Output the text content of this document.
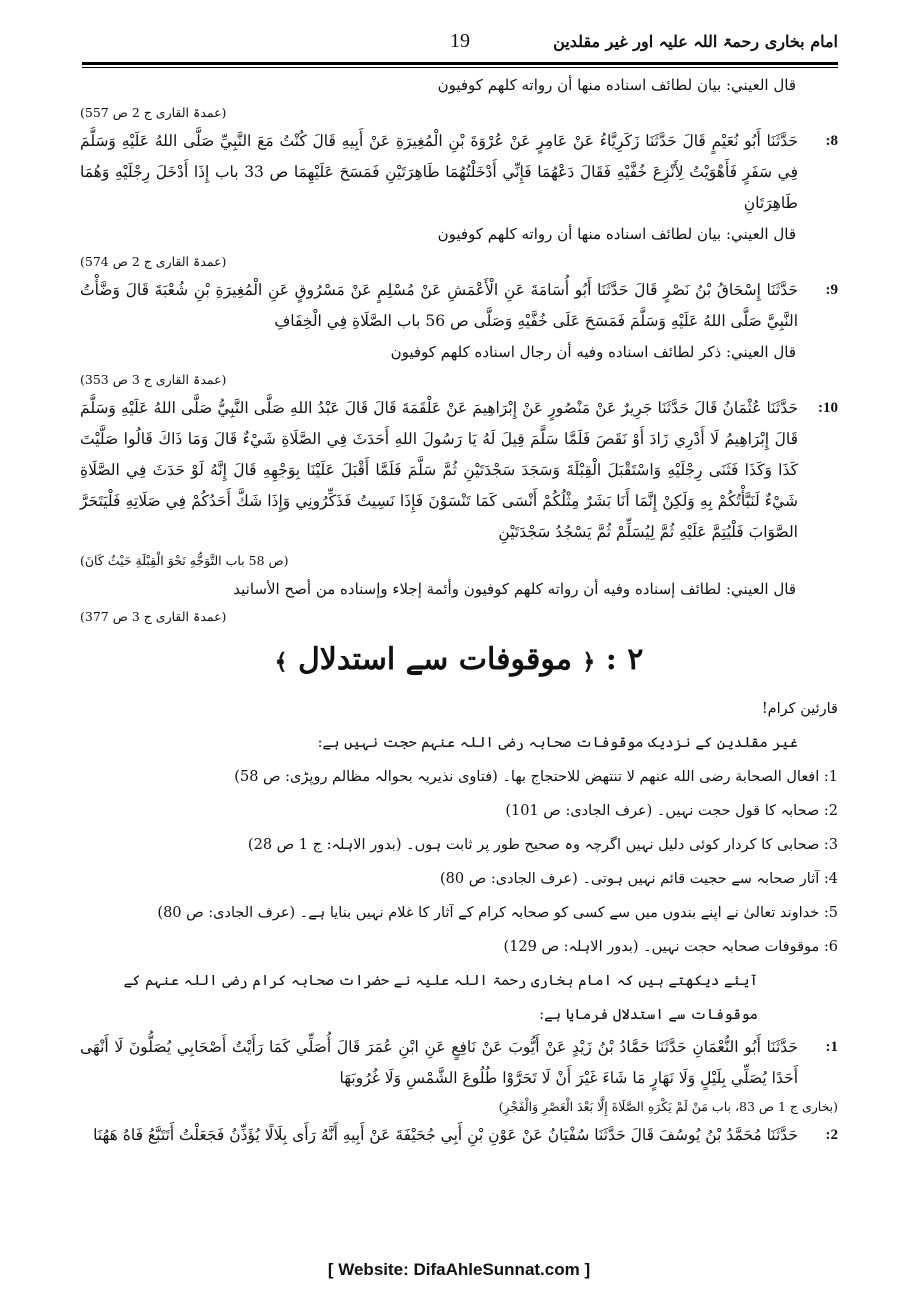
امام بخاری رحمۃ اللہ علیہ اور غیر مقلدین
19
قال العيني: بيان لطائف اسناده منها أن رواته كلهم كوفيون
(عمدۃ القاری ج 2 ص 557)
8:
حَدَّثَنَا أَبُو نُعَيْمٍ قَالَ حَدَّثَنَا زَكَرِيَّاءُ عَنْ عَامِرٍ عَنْ عُرْوَةَ بْنِ الْمُغِيرَةِ عَنْ أَبِيهِ قَالَ كُنْتُ مَعَ النَّبِيِّ صَلَّى اللهُ عَلَيْهِ وَسَلَّمَ فِي سَفَرٍ فَأَهْوَيْتُ لِأَنْزِعَ خُفَّيْهِ فَقَالَ دَعْهُمَا فَإِنِّي أَدْخَلْتُهُمَا طَاهِرَتَيْنِ فَمَسَحَ عَلَيْهِمَا ص 33 باب إِذَا أَدْخَلَ رِجْلَيْهِ وَهُمَا طَاهِرَتَانِ
قال العيني: بيان لطائف اسناده منها أن رواته كلهم كوفيون
(عمدۃ القاری ج 2 ص 574)
9:
حَدَّثَنَا إِسْحَاقُ بْنُ نَصْرٍ قَالَ حَدَّثَنَا أَبُو أُسَامَةَ عَنِ الْأَعْمَشِ عَنْ مُسْلِمٍ عَنْ مَسْرُوقٍ عَنِ الْمُغِيرَةِ بْنِ شُعْبَةَ قَالَ وَضَّأْتُ النَّبِيَّ صَلَّى اللهُ عَلَيْهِ وَسَلَّمَ فَمَسَحَ عَلَى خُفَّيْهِ وَصَلَّى ص 56 باب الصَّلَاةِ فِي الْخِفَافِ
قال العيني: ذكر لطائف اسناده وفيه أن رجال اسناده كلهم كوفيون
(عمدۃ القاری ج 3 ص 353)
10:
حَدَّثَنَا عُثْمَانُ قَالَ حَدَّثَنَا جَرِيرٌ عَنْ مَنْصُورٍ عَنْ إِبْرَاهِيمَ عَنْ عَلْقَمَةَ قَالَ قَالَ عَبْدُ اللهِ صَلَّى النَّبِيُّ صَلَّى اللهُ عَلَيْهِ وَسَلَّمَ قَالَ إِبْرَاهِيمُ لَا أَدْرِي زَادَ أَوْ نَقَصَ فَلَمَّا سَلَّمَ قِيلَ لَهُ يَا رَسُولَ اللهِ أَحَدَثَ فِي الصَّلَاةِ شَيْءٌ قَالَ وَمَا ذَاكَ قَالُوا صَلَّيْتَ كَذَا وَكَذَا فَثَنَى رِجْلَيْهِ وَاسْتَقْبَلَ الْقِبْلَةَ وَسَجَدَ سَجْدَتَيْنِ ثُمَّ سَلَّمَ فَلَمَّا أَقْبَلَ عَلَيْنَا بِوَجْهِهِ قَالَ إِنَّهُ لَوْ حَدَثَ فِي الصَّلَاةِ شَيْءٌ لَنَبَّأْتُكُمْ بِهِ وَلَكِنْ إِنَّمَا أَنَا بَشَرٌ مِثْلُكُمْ أَنْسَى كَمَا تَنْسَوْنَ فَإِذَا نَسِيتُ فَذَكِّرُونِي وَإِذَا شَكَّ أَحَدُكُمْ فِي صَلَاتِهِ فَلْيَتَحَرَّ الصَّوَابَ فَلْيُتِمَّ عَلَيْهِ ثُمَّ لِيُسَلِّمْ ثُمَّ يَسْجُدُ سَجْدَتَيْنِ
(ص 58 باب التَّوَجُّهِ نَحْوَ الْقِبْلَةِ حَيْثُ كَانَ)
قال العيني: لطائف إسناده وفيه أن رواته كلهم كوفيون وأئمة إجلاء وإسناده من أصح الأسانيد
(عمدۃ القاری ج 3 ص 377)
۲ : ﴿ موقوفات سے استدلال ﴾
قارئین کرام!
غیر مقلدین کے نزدیک موقوفات صحابہ رضی اللہ عنہم حجت نہیں ہے:
1: افعال الصحابة رضی الله عنهم لا تنتهض للاحتجاج بها۔ (فتاوی نذیریہ بحوالہ مظالم روپڑی: ص 58)
2: صحابہ کا قول حجت نہیں۔ (عرف الجادی: ص 101)
3: صحابی کا کردار کوئی دلیل نہیں اگرچہ وہ صحیح طور پر ثابت ہوں۔ (بدور الاہلہ: ج 1 ص 28)
4: آثار صحابہ سے حجیت قائم نہیں ہوتی۔ (عرف الجادی: ص 80)
5: خداوند تعالیٰ نے اپنے بندوں میں سے کسی کو صحابہ کرام کے آثار کا غلام نہیں بنایا ہے۔ (عرف الجادی: ص 80)
6: موقوفات صحابہ حجت نہیں۔ (بدور الاہلہ: ص 129)
آیئے دیکھتے ہیں کہ امام بخاری رحمۃ اللہ علیہ نے حضرات صحابہ کرام رضی اللہ عنہم کے موقوفات سے استدلال فرمایا ہے:
1:
حَدَّثَنَا أَبُو النُّعْمَانِ حَدَّثَنَا حَمَّادُ بْنُ زَيْدٍ عَنْ أَيُّوبَ عَنْ نَافِعٍ عَنِ ابْنِ عُمَرَ قَالَ أُصَلِّي كَمَا رَأَيْتُ أَصْحَابِي يُصَلُّونَ لَا أَنْهَى أَحَدًا يُصَلِّي بِلَيْلٍ وَلَا نَهَارٍ مَا شَاءَ غَيْرَ أَنْ لَا تَحَرَّوْا طُلُوعَ الشَّمْسِ وَلَا غُرُوبَهَا
(بخاری ج 1 ص 83، باب مَنْ لَمْ يَكْرَهِ الصَّلَاةَ إِلَّا بَعْدَ الْعَصْرِ وَالْفَجْرِ)
2:
حَدَّثَنَا مُحَمَّدُ بْنُ يُوسُفَ قَالَ حَدَّثَنَا سُفْيَانُ عَنْ عَوْنِ بْنِ أَبِي جُحَيْفَةَ عَنْ أَبِيهِ أَنَّهُ رَأَى بِلَالًا يُؤَذِّنُ فَجَعَلْتُ أَتَتَبَّعُ فَاهُ هَهُنَا
[ Website: DifaAhleSunnat.com ]
